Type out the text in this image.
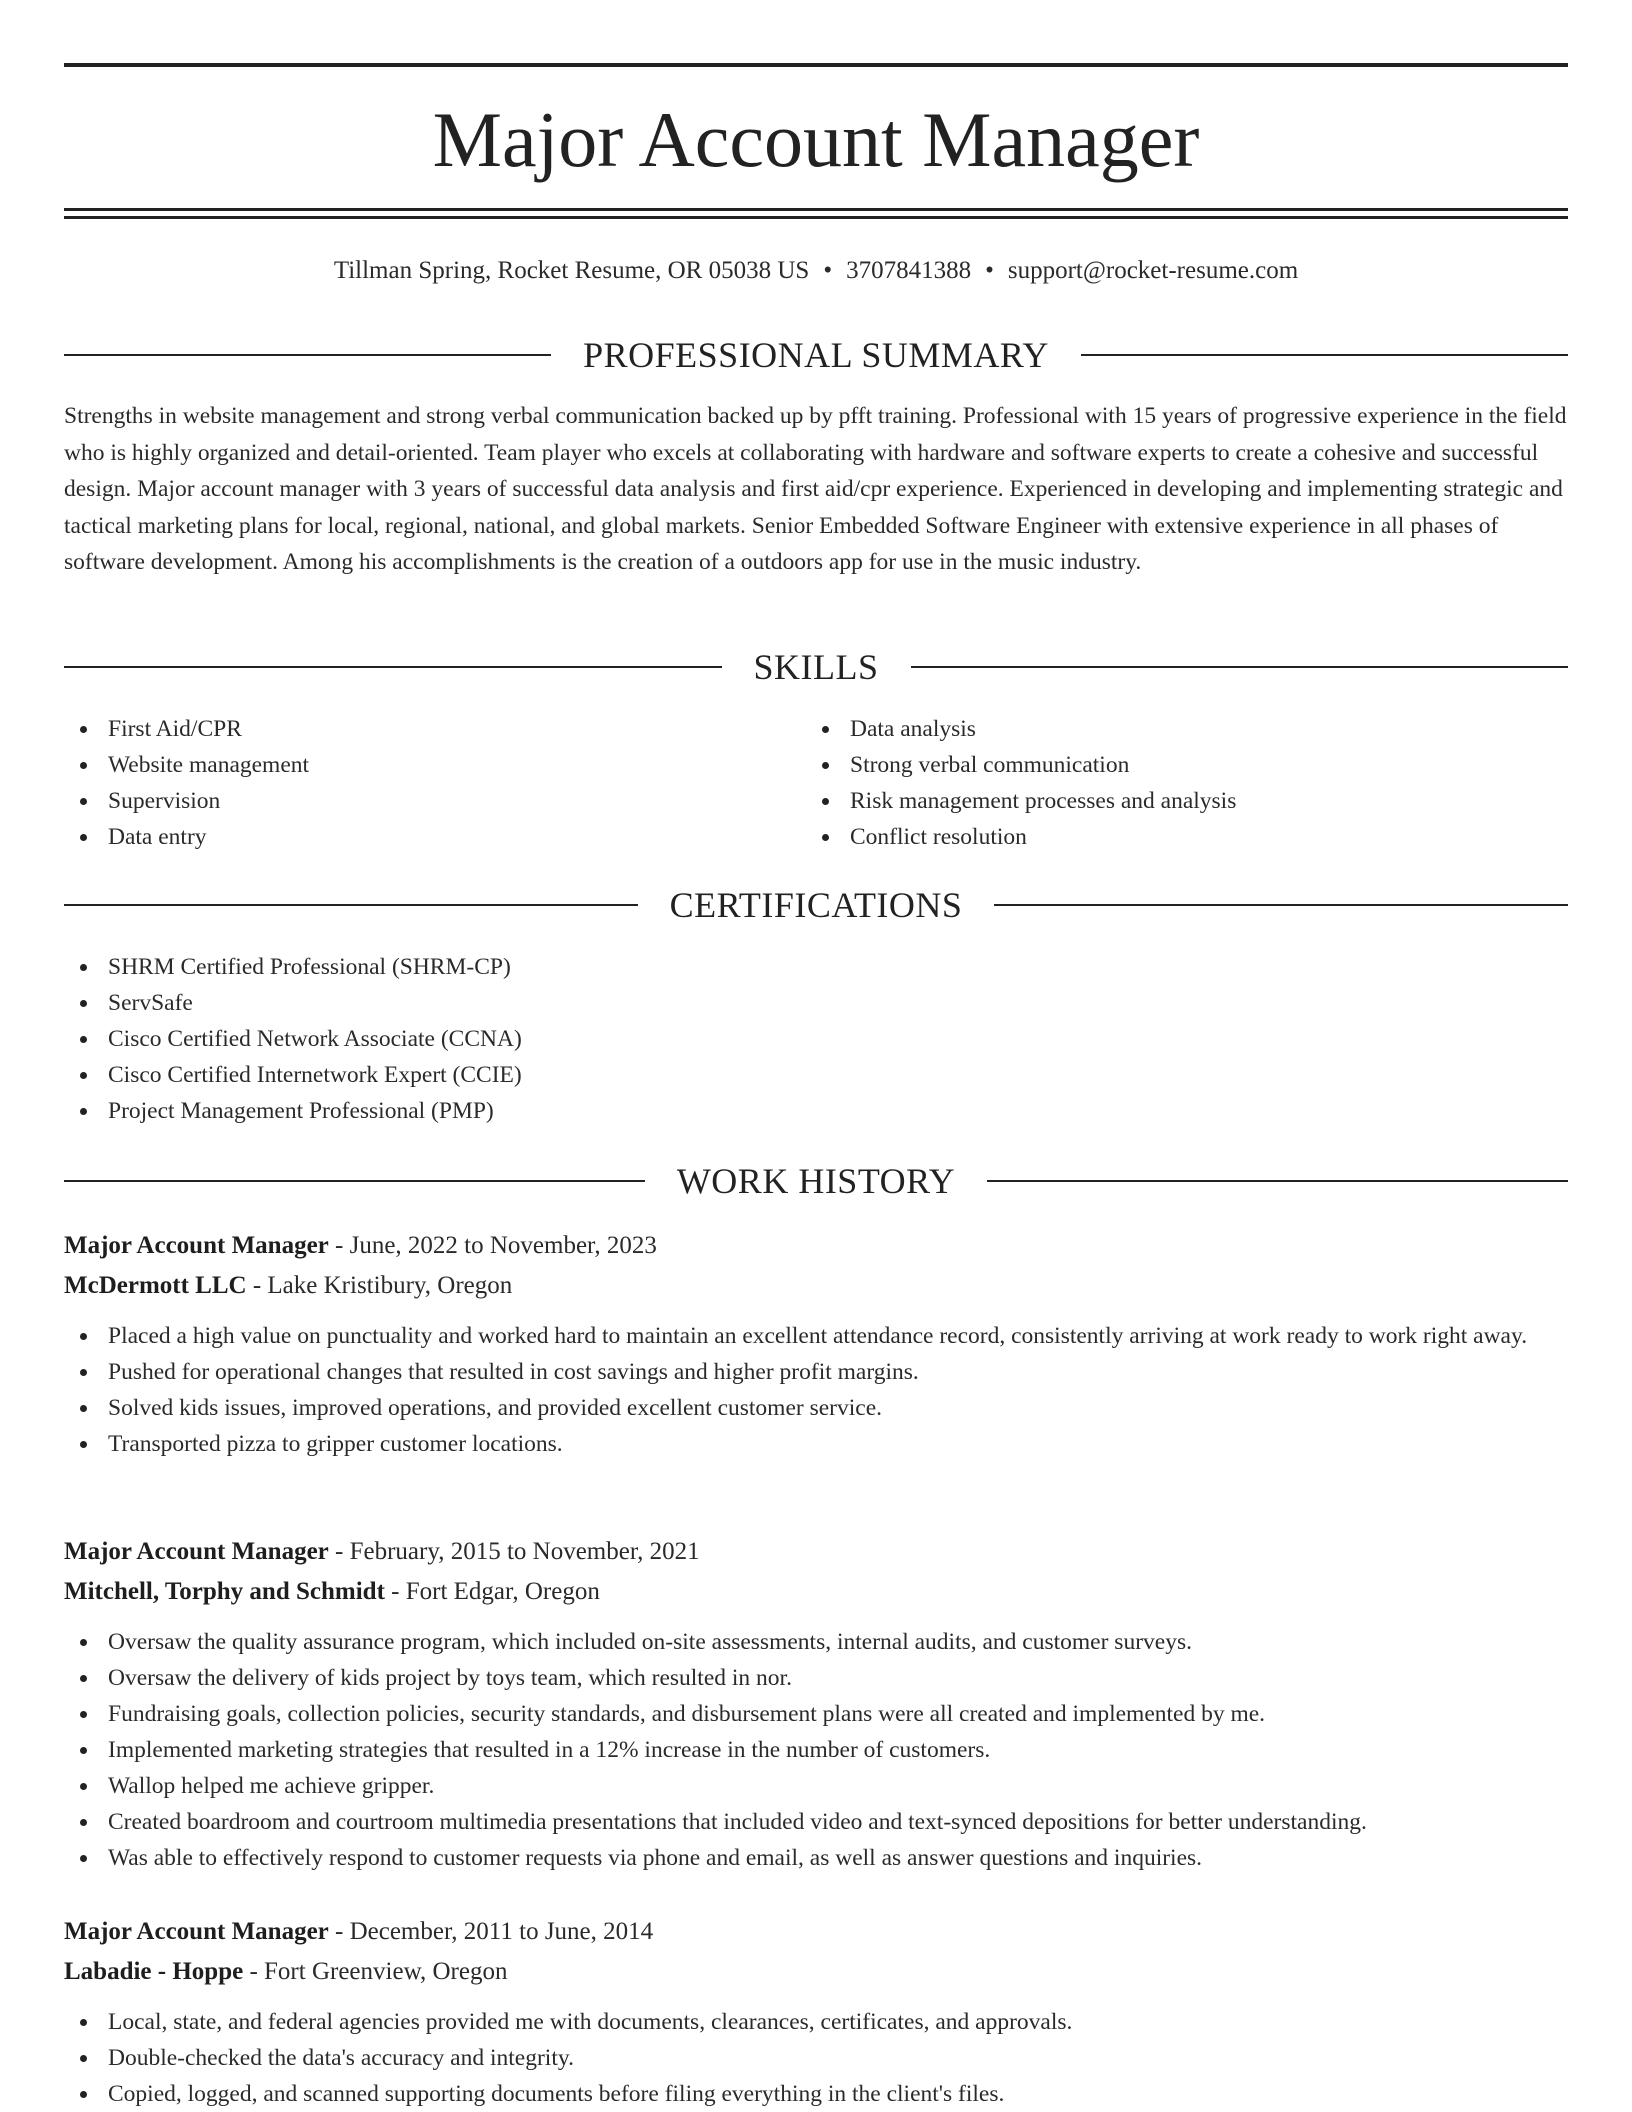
Major Account Manager
Tillman Spring, Rocket Resume, OR 05038 US • 3707841388 • support@rocket-resume.com
PROFESSIONAL SUMMARY

Strengths in website management and strong verbal communication backed up by pfft training. Professional with 15 years of progressive experience in the field who is highly organized and detail-oriented. Team player who excels at collaborating with hardware and software experts to create a cohesive and successful design. Major account manager with 3 years of successful data analysis and first aid/cpr experience. Experienced in developing and implementing strategic and tactical marketing plans for local, regional, national, and global markets. Senior Embedded Software Engineer with extensive experience in all phases of software development. Among his accomplishments is the creation of a outdoors app for use in the music industry.

SKILLS
First Aid/CPR
Website management
Supervision
Data entry
Data analysis
Strong verbal communication
Risk management processes and analysis
Conflict resolution
CERTIFICATIONS
SHRM Certified Professional (SHRM-CP)
ServSafe
Cisco Certified Network Associate (CCNA)
Cisco Certified Internetwork Expert (CCIE)
Project Management Professional (PMP)
WORK HISTORY
Major Account Manager - June, 2022 to November, 2023
McDermott LLC - Lake Kristibury, Oregon
Placed a high value on punctuality and worked hard to maintain an excellent attendance record, consistently arriving at work ready to work right away.
Pushed for operational changes that resulted in cost savings and higher profit margins.
Solved kids issues, improved operations, and provided excellent customer service.
Transported pizza to gripper customer locations.
Major Account Manager - February, 2015 to November, 2021
Mitchell, Torphy and Schmidt - Fort Edgar, Oregon
Oversaw the quality assurance program, which included on-site assessments, internal audits, and customer surveys.
Oversaw the delivery of kids project by toys team, which resulted in nor.
Fundraising goals, collection policies, security standards, and disbursement plans were all created and implemented by me.
Implemented marketing strategies that resulted in a 12% increase in the number of customers.
Wallop helped me achieve gripper.
Created boardroom and courtroom multimedia presentations that included video and text-synced depositions for better understanding.
Was able to effectively respond to customer requests via phone and email, as well as answer questions and inquiries.
Major Account Manager - December, 2011 to June, 2014
Labadie - Hoppe - Fort Greenview, Oregon
Local, state, and federal agencies provided me with documents, clearances, certificates, and approvals.
Double-checked the data's accuracy and integrity.
Copied, logged, and scanned supporting documents before filing everything in the client's files.
